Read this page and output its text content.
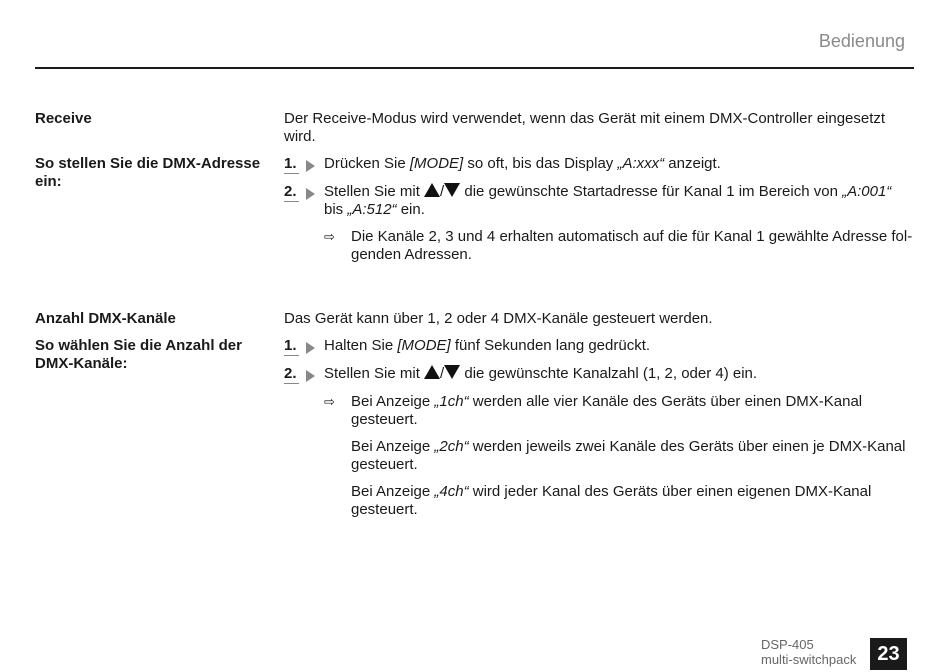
Bedienung
Receive	Der Receive-Modus wird verwendet, wenn das Gerät mit einem DMX-Controller eingesetzt wird.
So stellen Sie die DMX-Adresse ein:
1.	Drücken Sie [MODE] so oft, bis das Display „A:xxx“ anzeigt.
2.	Stellen Sie mit / die gewünschte Startadresse für Kanal 1 im Bereich von „A:001“ bis „A:512“ ein.
⇨	Die Kanäle 2, 3 und 4 erhalten automatisch auf die für Kanal 1 gewählte Adresse folgenden Adressen.
Anzahl DMX-Kanäle	Das Gerät kann über 1, 2 oder 4 DMX-Kanäle gesteuert werden.
So wählen Sie die Anzahl der DMX-Kanäle:
1.	Halten Sie [MODE] fünf Sekunden lang gedrückt.
2.	Stellen Sie mit / die gewünschte Kanalzahl (1, 2, oder 4) ein.
⇨	Bei Anzeige „1ch“ werden alle vier Kanäle des Geräts über einen DMX-Kanal gesteuert.
Bei Anzeige „2ch“ werden jeweils zwei Kanäle des Geräts über einen je DMX-Kanal gesteuert.
Bei Anzeige „4ch“ wird jeder Kanal des Geräts über einen eigenen DMX-Kanal gesteuert.
DSP-405
multi-switchpack	23
